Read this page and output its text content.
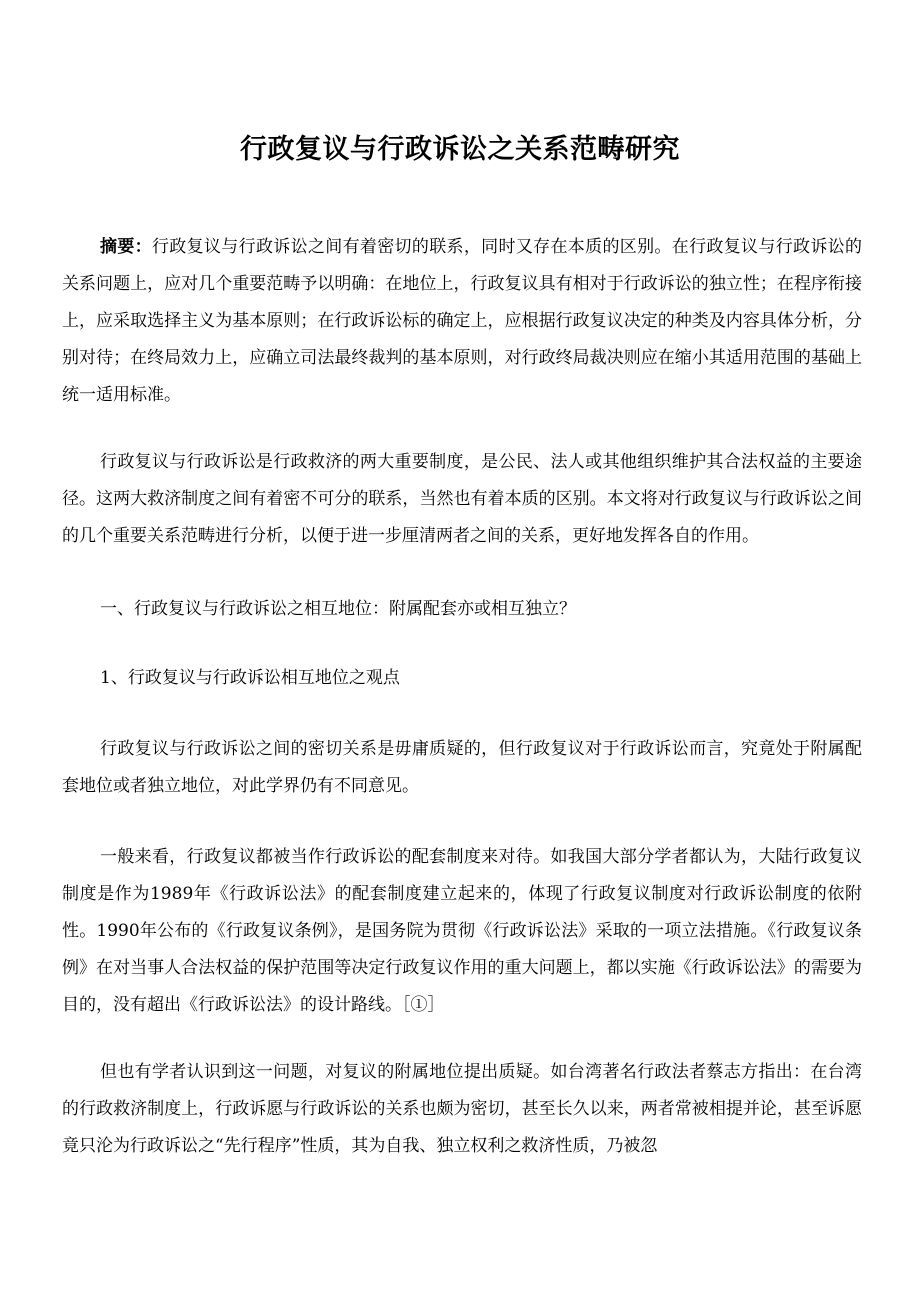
行政复议与行政诉讼之关系范畴研究
摘要：行政复议与行政诉讼之间有着密切的联系，同时又存在本质的区别。在行政复议与行政诉讼的关系问题上，应对几个重要范畴予以明确：在地位上，行政复议具有相对于行政诉讼的独立性；在程序衔接上，应采取选择主义为基本原则；在行政诉讼标的确定上，应根据行政复议决定的种类及内容具体分析，分别对待；在终局效力上，应确立司法最终裁判的基本原则，对行政终局裁决则应在缩小其适用范围的基础上统一适用标准。
行政复议与行政诉讼是行政救济的两大重要制度，是公民、法人或其他组织维护其合法权益的主要途径。这两大救济制度之间有着密不可分的联系，当然也有着本质的区别。本文将对行政复议与行政诉讼之间的几个重要关系范畴进行分析，以便于进一步厘清两者之间的关系，更好地发挥各自的作用。
一、行政复议与行政诉讼之相互地位：附属配套亦或相互独立？
1、行政复议与行政诉讼相互地位之观点
行政复议与行政诉讼之间的密切关系是毋庸质疑的，但行政复议对于行政诉讼而言，究竟处于附属配套地位或者独立地位，对此学界仍有不同意见。
一般来看，行政复议都被当作行政诉讼的配套制度来对待。如我国大部分学者都认为，大陆行政复议制度是作为1989年《行政诉讼法》的配套制度建立起来的，体现了行政复议制度对行政诉讼制度的依附性。1990年公布的《行政复议条例》，是国务院为贯彻《行政诉讼法》采取的一项立法措施。《行政复议条例》在对当事人合法权益的保护范围等决定行政复议作用的重大问题上，都以实施《行政诉讼法》的需要为目的，没有超出《行政诉讼法》的设计路线。［①］
但也有学者认识到这一问题，对复议的附属地位提出质疑。如台湾著名行政法者蔡志方指出：在台湾的行政救济制度上，行政诉愿与行政诉讼的关系也颇为密切，甚至长久以来，两者常被相提并论，甚至诉愿竟只沦为行政诉讼之“先行程序”性质，其为自我、独立权利之救济性质，乃被忽
